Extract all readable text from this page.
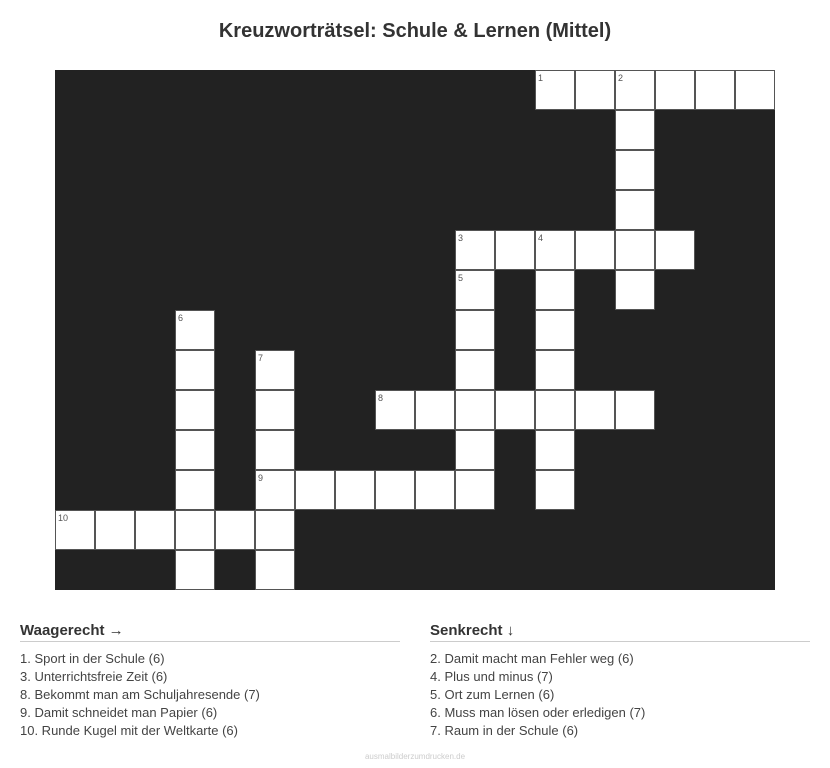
Kreuzworträtsel: Schule & Lernen (Mittel)
1	2
3	4
5
6
7
8
9
10
Waagerecht →
1. Sport in der Schule (6)
3. Unterrichtsfreie Zeit (6)
8. Bekommt man am Schuljahresende (7)
9. Damit schneidet man Papier (6)
10. Runde Kugel mit der Weltkarte (6)
Senkrecht ↓
2. Damit macht man Fehler weg (6)
4. Plus und minus (7)
5. Ort zum Lernen (6)
6. Muss man lösen oder erledigen (7)
7. Raum in der Schule (6)
ausmalbilderzumdrucken.de
